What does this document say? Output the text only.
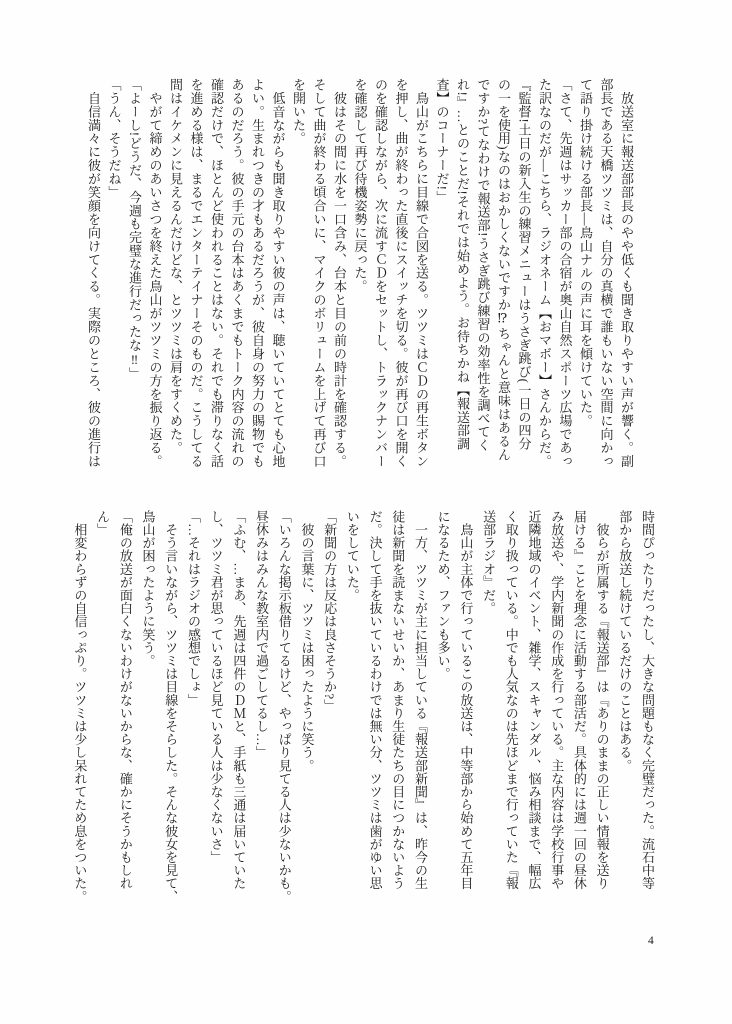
　放送室に報送部部長のやや低くも聞き取りやすい声が響く。副
部長である天橋ツツミは、自分の真横で誰もいない空間に向かっ
て語り掛け続ける部長―鳥山ナルの声に耳を傾けていた。
「さて、先週はサッカー部の合宿が奥山自然スポーツ広場であっ
た訳なのだが―こちら、ラジオネーム【おマボー】さんからだ。
『監督!土日の新入生の練習メニューはうさぎ跳び(一日の四分
の一を使用)なのはおかしくないですか⁉ちゃんと意味はあるん
ですか?てなわけで報送部!うさぎ跳び練習の効率性を調べてく
れ!』…とのことだ!それでは始めよう。お待ちかね【報送部調
査】のコーナーだ!」
　鳥山がこちらに目線で合図を送る。ツツミはＣＤの再生ボタン
を押し、曲が終わった直後にスイッチを切る。彼が再び口を開く
のを確認しながら、次に流すＣＤをセットし、トラックナンバー
を確認して再び待機姿勢に戻った。
　彼はその間に水を一口含み、台本と目の前の時計を確認する。
そして曲が終わる頃合いに、マイクのボリュームを上げて再び口
を開いた。
　低音ながらも聞き取りやすい彼の声は、聴いていてとても心地
よい。生まれつきの才もあるだろうが、彼自身の努力の賜物でも
あるのだろう。彼の手元の台本はあくまでもトーク内容の流れの
確認だけで、ほとんど使われることはない。それでも滞りなく話
を進める様は、まるでエンターテイナーそのものだ。こうしてる
間はイケメンに見えるんだけどな、とツツミは肩をすくめた。
　やがて締めのあいさつを終えた鳥山がツツミの方を振り返る。
「よーし!どうだ、今週も完璧な進行だったな‼」
「うん、そうだね」
　自信満々に彼が笑顔を向けてくる。実際のところ、彼の進行は
時間ぴったりだったし、大きな問題もなく完璧だった。流石中等
部から放送し続けているだけのことはある。
　彼らが所属する『報送部』は『ありのままの正しい情報を送り
届ける』ことを理念に活動する部活だ。具体的には週一回の昼休
み放送や、学内新聞の作成を行っている。主な内容は学校行事や
近隣地域のイベント、雑学、スキャンダル、悩み相談まで、幅広
く取り扱っている。中でも人気なのは先ほどまで行っていた『報
送部ラジオ』だ。
　鳥山が主体で行っているこの放送は、中等部から始めて五年目
になるため、ファンも多い。
　一方、ツツミが主に担当している『報送部新聞』は、昨今の生
徒は新聞を読まないせいか、あまり生徒たちの目につかないよう
だ。決して手を抜いているわけでは無い分、ツツミは歯がゆい思
いをしていた。
「新聞の方は反応は良さそうか?」
　彼の言葉に、ツツミは困ったように笑う。
「いろんな掲示板借りてるけど、やっぱり見てる人は少ないかも。
昼休みはみんな教室内で過ごしてるし…」
「ふむ、…まあ、先週は四件のＤＭと、手紙も三通は届いていた
し、ツツミ君が思っているほど見ている人は少なくないさ」
「…それはラジオの感想でしょ」
　そう言いながら、ツツミは目線をそらした。そんな彼女を見て、
鳥山が困ったように笑う。
「俺の放送が面白くないわけがないからな、確かにそうかもしれ
ん」
　相変わらずの自信っぷり。ツツミは少し呆れてため息をついた。
4
